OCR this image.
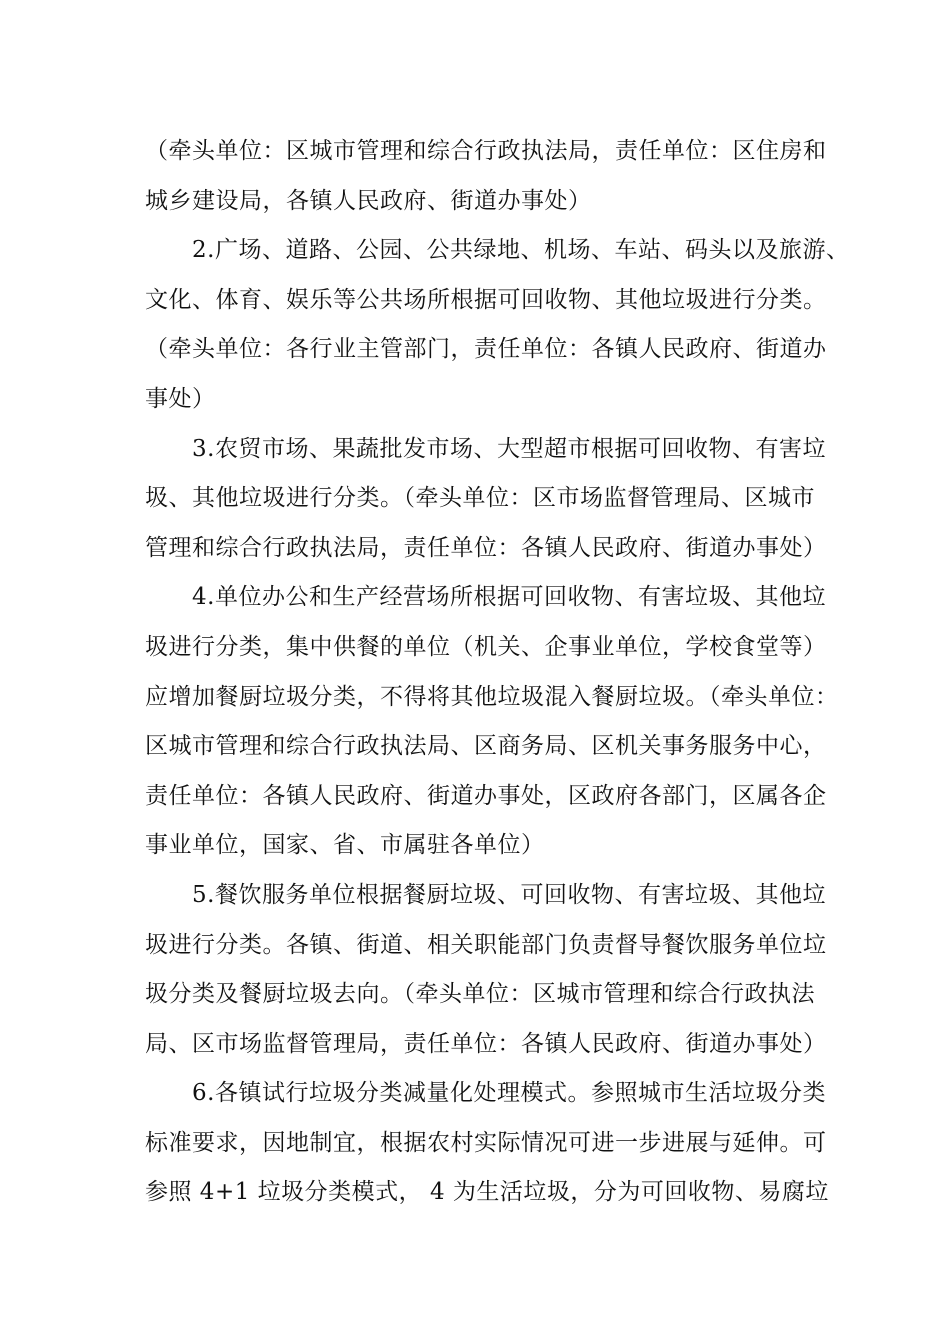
（牵头单位：区城市管理和综合行政执法局，责任单位：区住房和
城乡建设局，各镇人民政府、街道办事处）
　　2.广场、道路、公园、公共绿地、机场、车站、码头以及旅游、
文化、体育、娱乐等公共场所根据可回收物、其他垃圾进行分类。
（牵头单位：各行业主管部门，责任单位：各镇人民政府、街道办
事处）
　　3.农贸市场、果蔬批发市场、大型超市根据可回收物、有害垃
圾、其他垃圾进行分类。（牵头单位：区市场监督管理局、区城市
管理和综合行政执法局，责任单位：各镇人民政府、街道办事处）
　　4.单位办公和生产经营场所根据可回收物、有害垃圾、其他垃
圾进行分类，集中供餐的单位（机关、企事业单位，学校食堂等）
应增加餐厨垃圾分类，不得将其他垃圾混入餐厨垃圾。（牵头单位：
区城市管理和综合行政执法局、区商务局、区机关事务服务中心，
责任单位：各镇人民政府、街道办事处，区政府各部门，区属各企
事业单位，国家、省、市属驻各单位）
　　5.餐饮服务单位根据餐厨垃圾、可回收物、有害垃圾、其他垃
圾进行分类。各镇、街道、相关职能部门负责督导餐饮服务单位垃
圾分类及餐厨垃圾去向。（牵头单位：区城市管理和综合行政执法
局、区市场监督管理局，责任单位：各镇人民政府、街道办事处）
　　6.各镇试行垃圾分类减量化处理模式。参照城市生活垃圾分类
标准要求，因地制宜，根据农村实际情况可进一步进展与延伸。可
参照 4+1 垃圾分类模式， 4 为生活垃圾，分为可回收物、易腐垃
